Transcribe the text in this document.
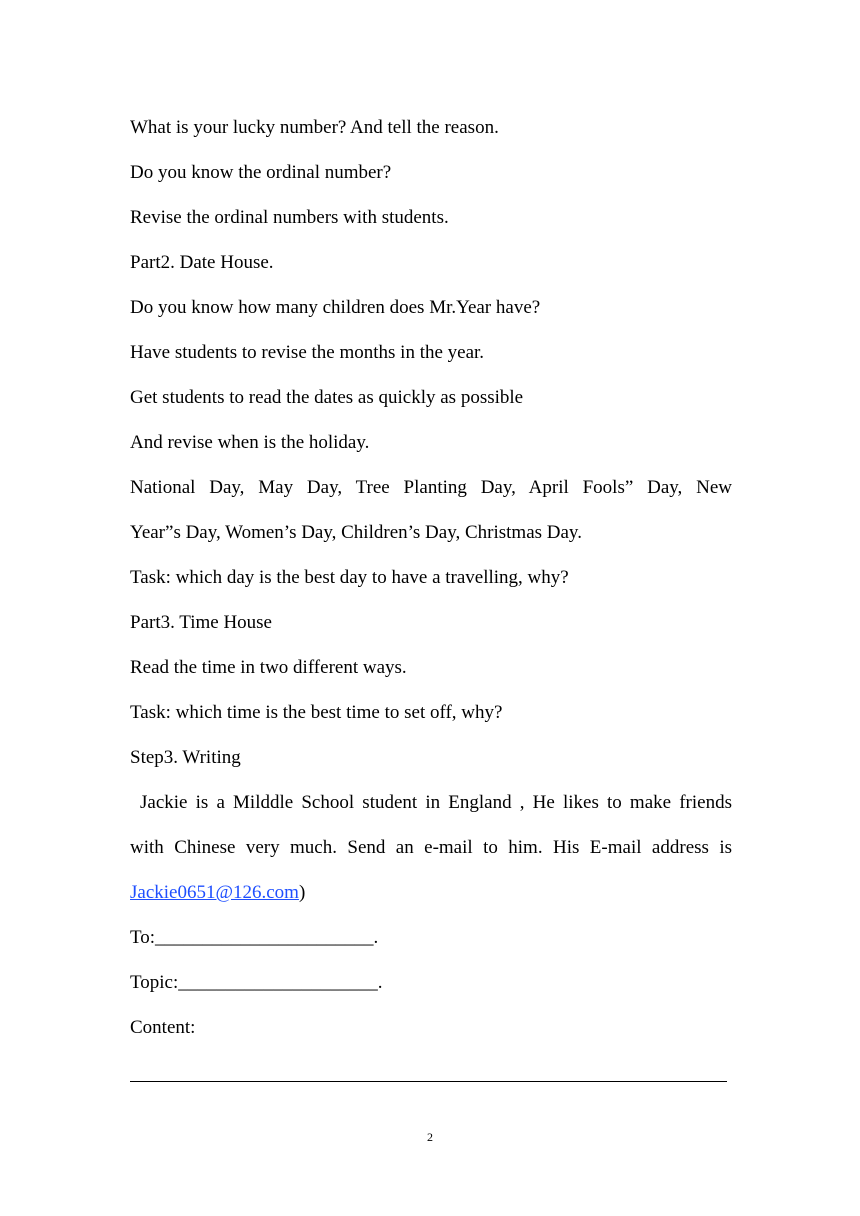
What is your lucky number? And tell the reason.
Do you know the ordinal number?
Revise the ordinal numbers with students.
Part2. Date House.
Do you know how many children does Mr.Year have?
Have students to revise the months in the year.
Get students to read the dates as quickly as possible
And revise when is the holiday.
National Day, May Day, Tree Planting Day, April Fools” Day, New
Year”s Day, Women’s Day, Children’s Day, Christmas Day.
Task: which day is the best day to have a travelling, why?
Part3. Time House
Read the time in two different ways.
Task: which time is the best time to set off, why?
Step3. Writing
Jackie is a Milddle School student in England , He likes to make friends
with Chinese very much. Send an e-mail to him. His E-mail address is
Jackie0651@126.com)
To:_______________________.
Topic:_____________________.
Content:
2
